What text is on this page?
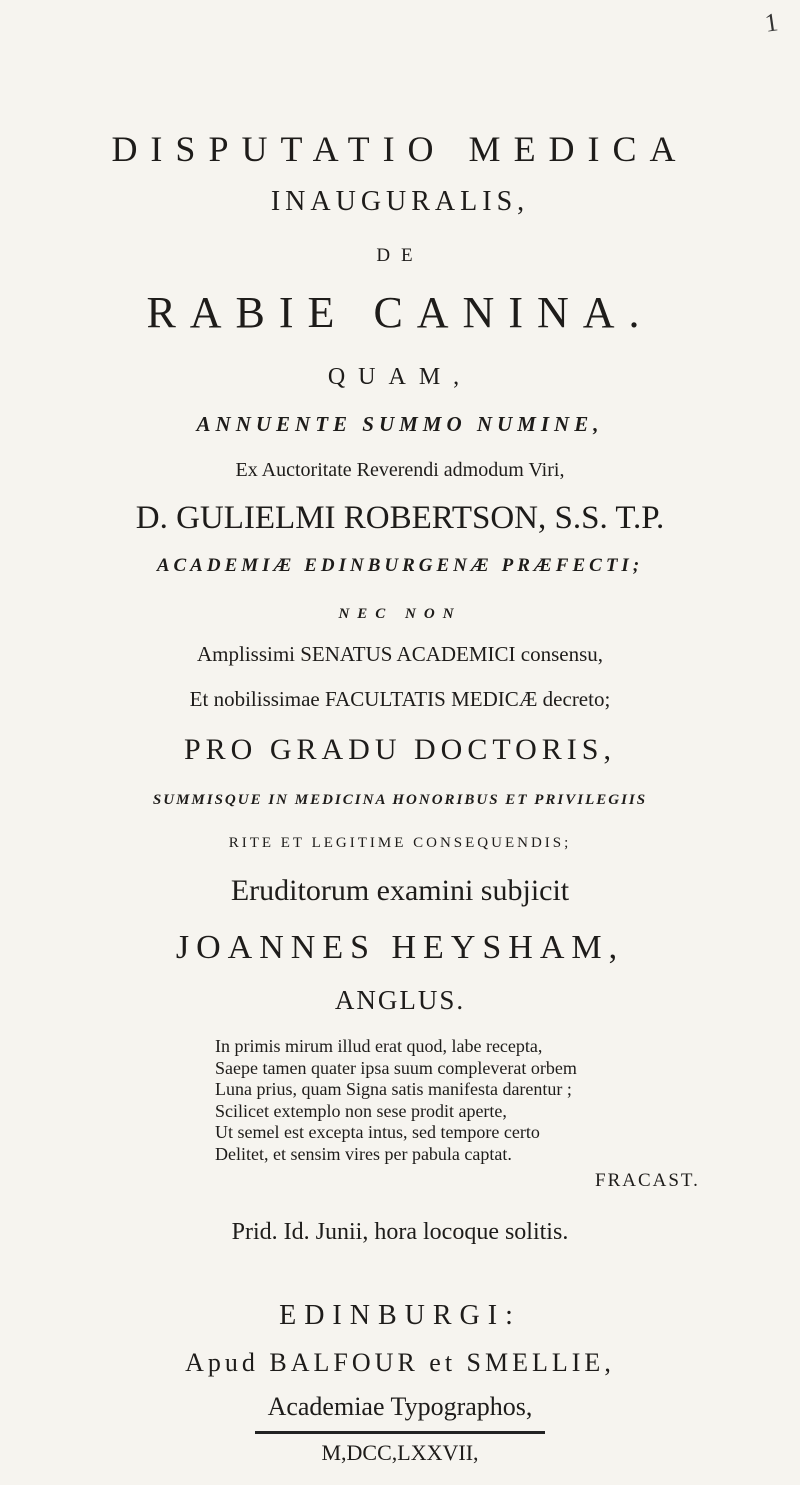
1
DISPUTATIO MEDICA
INAUGURALIS,
DE
RABIE CANINA.
QUAM,
ANNUENTE SUMMO NUMINE,
Ex Auctoritate Reverendi admodum Viri,
D. GULIELMI ROBERTSON, S.S. T.P.
ACADEMIÆ EDINBURGENÆ PRÆFECTI;
NEC NON
Amplissimi SENATUS ACADEMICI consensu,
Et nobilissimae FACULTATIS MEDICÆ decreto;
PRO GRADU DOCTORIS,
SUMMISQUE IN MEDICINA HONORIBUS ET PRIVILEGIIS
RITE ET LEGITIME CONSEQUENDIS;
Eruditorum examini subjicit
JOANNES HEYSHAM,
ANGLUS.
In primis mirum illud erat quod, labe recepta,
Saepe tamen quater ipsa suum compleverat orbem
Luna prius, quam Signa satis manifesta darentur ;
Scilicet extemplo non sese prodit aperte,
Ut semel est excepta intus, sed tempore certo
Delitet, et sensim vires per pabula captat.
FRACAST.
Prid. Id. Junii, hora locoque solitis.
EDINBURGI:
Apud BALFOUR et SMELLIE,
Academiae Typographos,
M,DCC,LXXVII,
